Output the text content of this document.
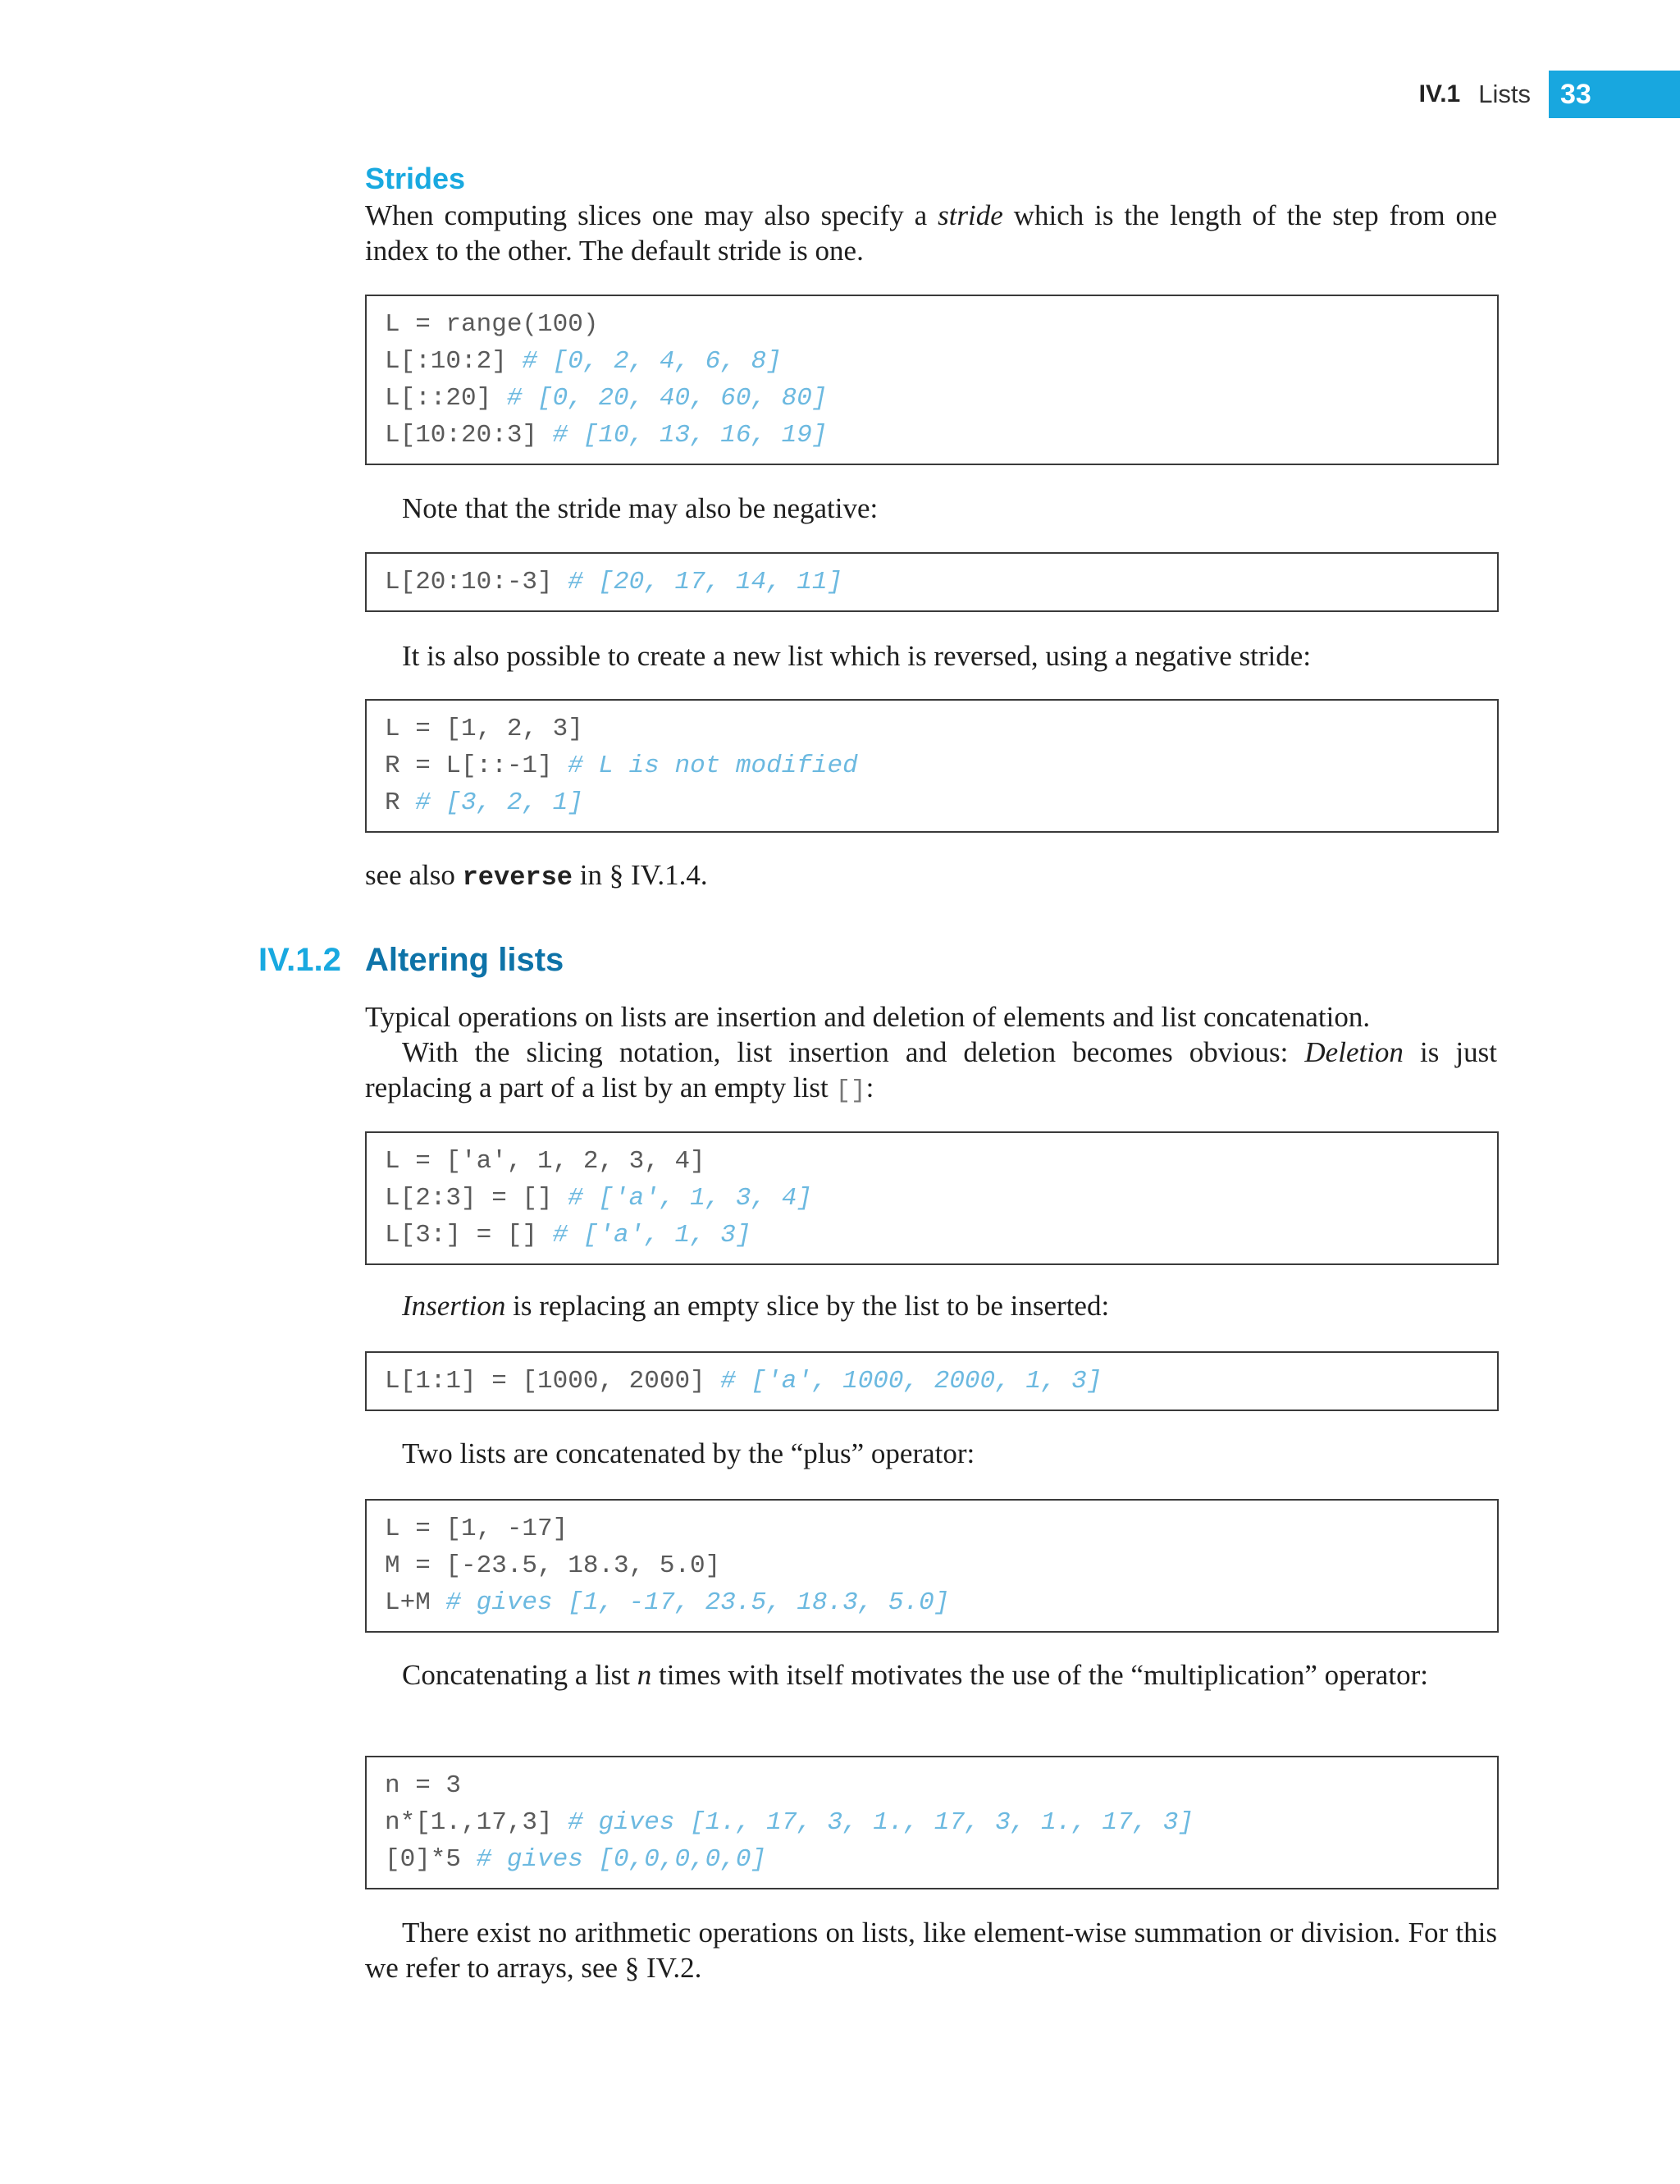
IV.1 Lists	33
Strides

When computing slices one may also specify a stride which is the length of the step from one index to the other. The default stride is one.

L = range(100)
L[:10:2] # [0, 2, 4, 6, 8]
L[::20] # [0, 20, 40, 60, 80]
L[10:20:3] # [10, 13, 16, 19]

Note that the stride may also be negative:

L[20:10:-3] # [20, 17, 14, 11]

It is also possible to create a new list which is reversed, using a negative stride:

L = [1, 2, 3]
R = L[::-1] # L is not modified
R # [3, 2, 1]

see also reverse in § IV.1.4.

IV.1.2 Altering lists

Typical operations on lists are insertion and deletion of elements and list concatenation.

With the slicing notation, list insertion and deletion becomes obvious: Deletion is just replacing a part of a list by an empty list []:

L = ['a', 1, 2, 3, 4]
L[2:3] = [] # ['a', 1, 3, 4]
L[3:] = [] # ['a', 1, 3]

Insertion is replacing an empty slice by the list to be inserted:

L[1:1] = [1000, 2000] # ['a', 1000, 2000, 1, 3]

Two lists are concatenated by the “plus” operator:

L = [1, -17]
M = [-23.5, 18.3, 5.0]
L+M # gives [1, -17, 23.5, 18.3, 5.0]

Concatenating a list n times with itself motivates the use of the “multiplication” operator:

n = 3
n*[1.,17,3] # gives [1., 17, 3, 1., 17, 3, 1., 17, 3]
[0]*5 # gives [0,0,0,0,0]

There exist no arithmetic operations on lists, like element-wise summation or division. For this we refer to arrays, see § IV.2.
